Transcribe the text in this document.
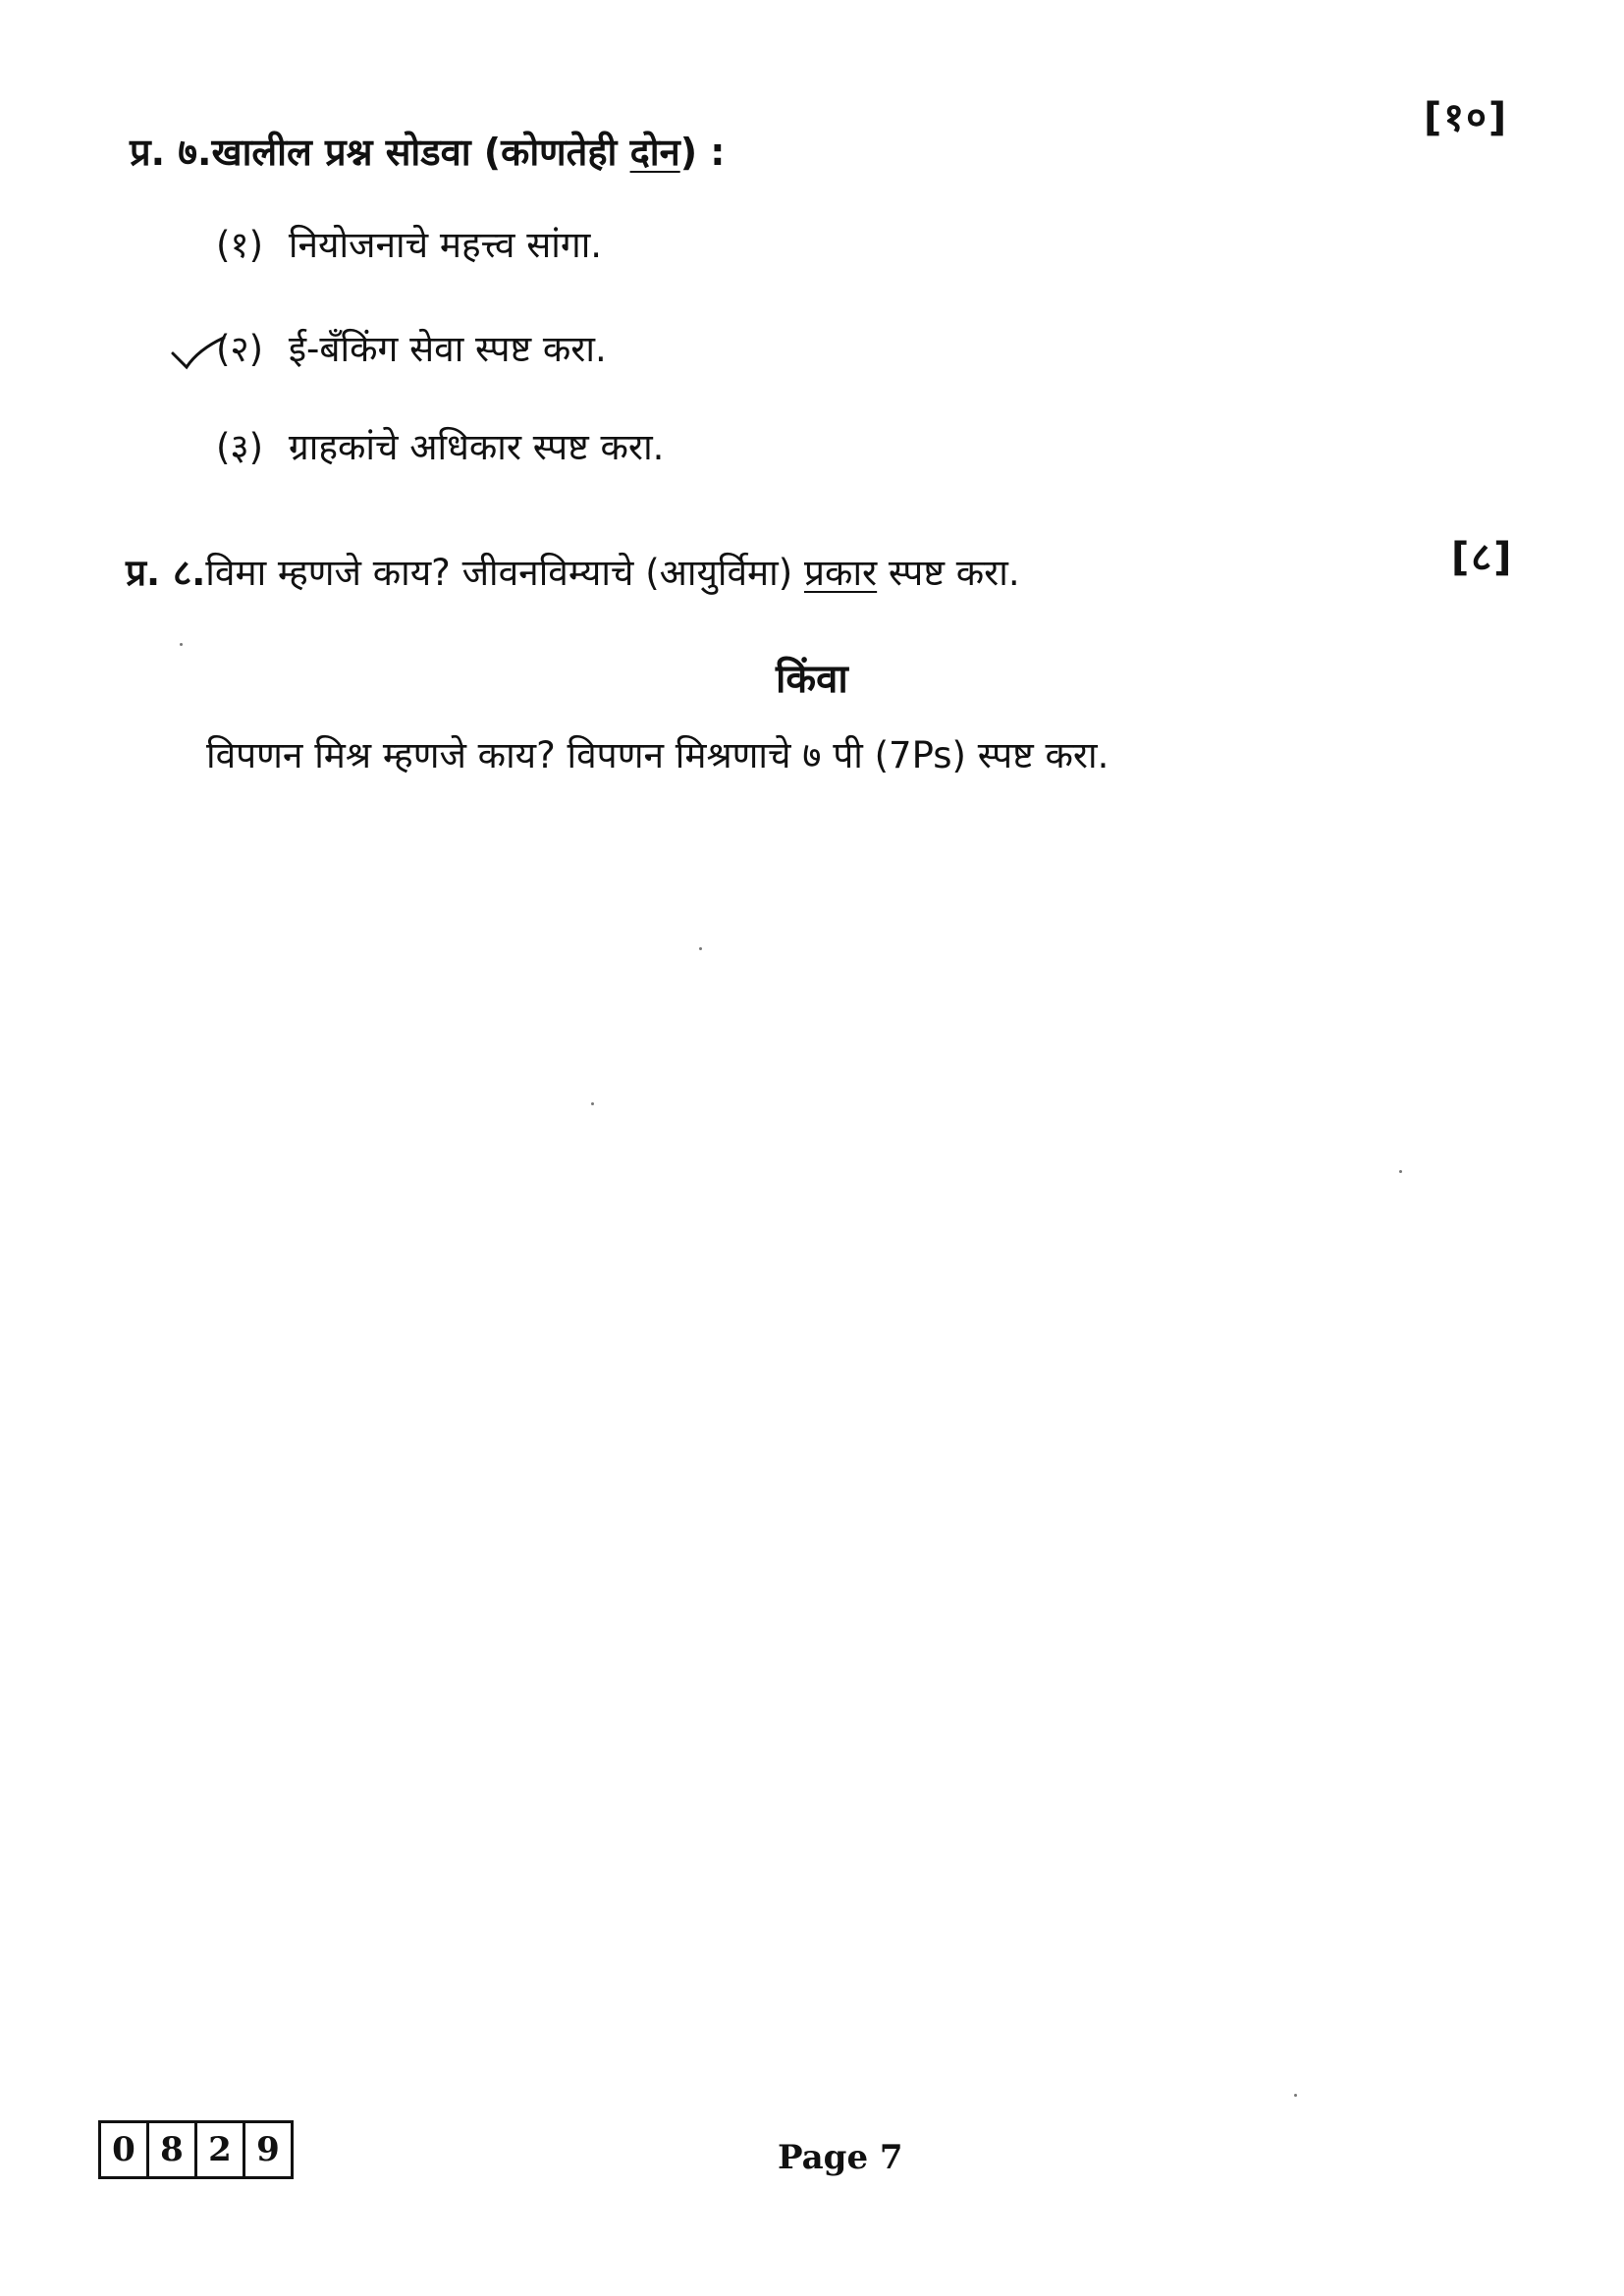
प्र. ७.खालील प्रश्न सोडवा (कोणतेही दोन) :
[१०]
(१) नियोजनाचे महत्त्व सांगा.
(२) ई-बँकिंग सेवा स्पष्ट करा.
(३) ग्राहकांचे अधिकार स्पष्ट करा.
प्र. ८.विमा म्हणजे काय? जीवनविम्याचे (आयुर्विमा) प्रकार स्पष्ट करा.	[८]
किंवा
विपणन मिश्र म्हणजे काय? विपणन मिश्रणाचे ७ पी (7Ps) स्पष्ट करा.
0 8 2 9	Page 7
